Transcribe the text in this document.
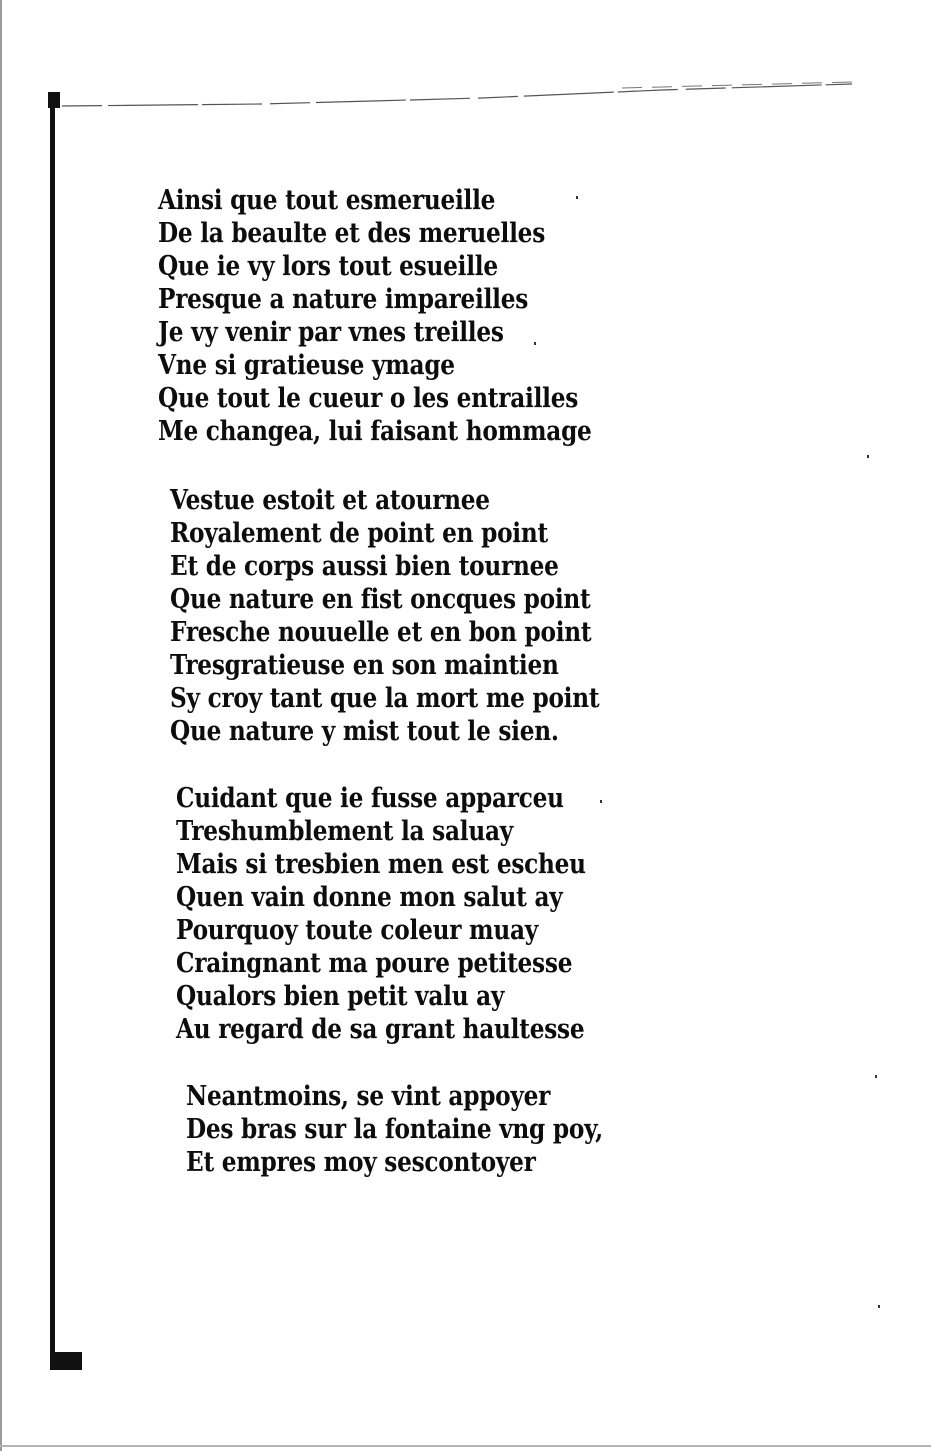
Ainsi que tout esmerueille
De la beaulte et des meruelles
Que ie vy lors tout esueille
Presque a nature impareilles
Je vy venir par vnes treilles
Vne si gratieuse ymage
Que tout le cueur o les entrailles
Me changea, lui faisant hommage
Vestue estoit et atournee
Royalement de point en point
Et de corps aussi bien tournee
Que nature en fist oncques point
Fresche nouuelle et en bon point
Tresgratieuse en son maintien
Sy croy tant que la mort me point
Que nature y mist tout le sien.
Cuidant que ie fusse apparceu
Treshumblement la saluay
Mais si tresbien men est escheu
Quen vain donne mon salut ay
Pourquoy toute coleur muay
Craingnant ma poure petitesse
Qualors bien petit valu ay
Au regard de sa grant haultesse
Neantmoins, se vint appoyer
Des bras sur la fontaine vng poy,
Et empres moy sescontoyer
